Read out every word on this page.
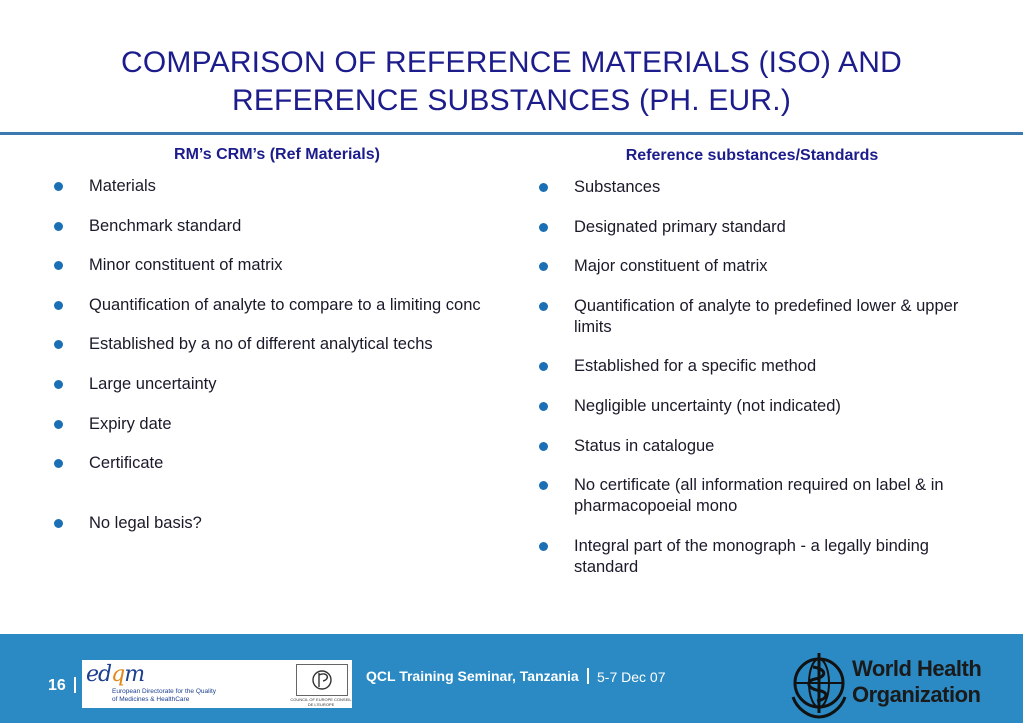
COMPARISON OF REFERENCE MATERIALS (ISO) AND
REFERENCE SUBSTANCES (PH. EUR.)
RM’s CRM’s (Ref Materials)
Materials
Benchmark standard
Minor constituent of matrix
Quantification of analyte to compare to a limiting conc
Established by a no of different analytical techs
Large uncertainty
Expiry date
Certificate
No legal basis?
Reference substances/Standards
Substances
Designated primary standard
Major constituent of matrix
Quantification of analyte to predefined lower & upper limits
Established for a specific method
Negligible uncertainty (not indicated)
Status in catalogue
No certificate (all information required on label & in pharmacopoeial mono
Integral part of the monograph - a legally binding standard
16 edqm
European Directorate for the Quality of Medicines & HealthCare	COUNCIL OF EUROPE CONSEIL DE L'EUROPE
QCL Training Seminar, Tanzania 5-7 Dec 07	World Health
Organization
